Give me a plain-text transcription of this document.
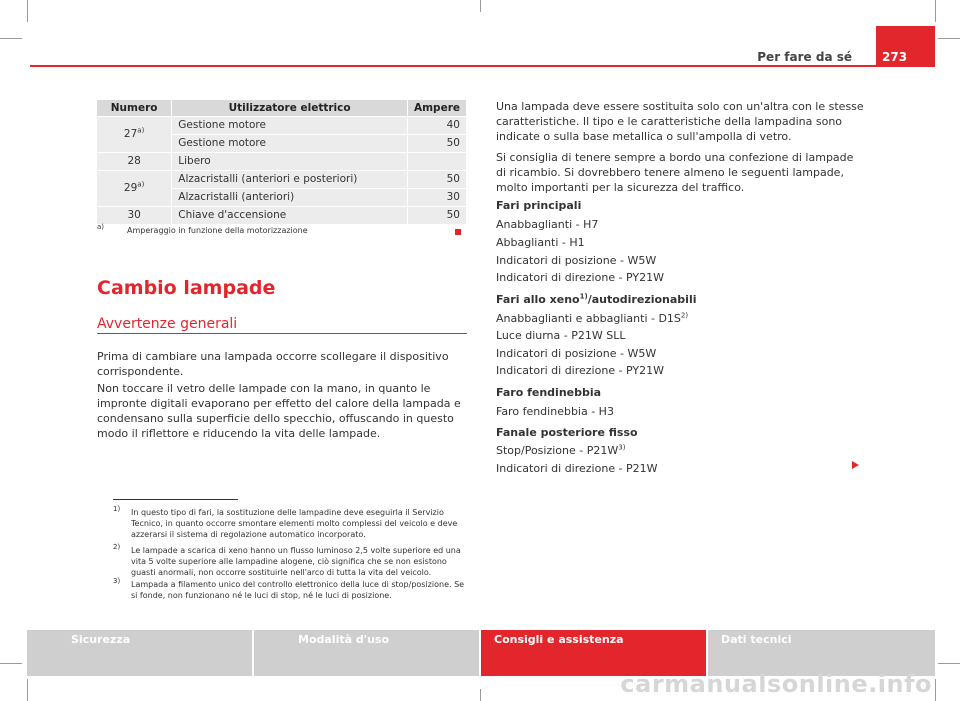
Per fare da sé	273
Numero	Utilizzatore elettrico	Ampere
27$^{a)}$	Gestione motore	40
	Gestione motore	50
28	Libero	
29$^{a)}$	Alzacristalli (anteriori e posteriori)	50
	Alzacristalli (anteriori)	30
30	Chiave d'accensione	50
a)	Amperaggio in funzione della motorizzazione
Cambio lampade
Avvertenze generali

Prima di cambiare una lampada occorre scollegare il dispositivo corrispondente.

Non toccare il vetro delle lampade con la mano, in quanto le impronte digitali evaporano per effetto del calore della lampada e condensano sulla superficie dello specchio, offuscando in questo modo il riflettore e riducendo la vita delle lampade.

Una lampada deve essere sostituita solo con un'altra con le stesse caratteristiche. Il tipo e le caratteristiche della lampadina sono indicate o sulla base metallica o sull'ampolla di vetro.

Si consiglia di tenere sempre a bordo una confezione di lampade di ricambio. Si dovrebbero tenere almeno le seguenti lampade, molto importanti per la sicurezza del traffico.

Fari principali
Anabbaglianti - H7
Abbaglianti - H1
Indicatori di posizione - W5W
Indicatori di direzione - PY21W
Fari allo xeno$^{1)}$/autodirezionabili
Anabbaglianti e abbaglianti - $D1S^{2)}$
Luce diurna - P21W SLL
Indicatori di posizione - W5W
Indicatori di direzione - PY21W
Faro fendinebbia
Faro fendinebbia - H3
Fanale posteriore fisso
Stop/Posizione - $P21W^{3)}$
Indicatori di direzione - P21W
1) In questo tipo di fari, la sostituzione delle lampadine deve eseguirla il Servizio Tecnico, in quanto occorre smontare elementi molto complessi del veicolo e deve azzerarsi il sistema di regolazione automatico incorporato.
2) Le lampade a scarica di xeno hanno un flusso luminoso 2,5 volte superiore ed una vita 5 volte superiore alle lampadine alogene, ciò significa che se non esistono guasti anormali, non occorre sostituirle nell'arco di tutta la vita del veicolo.
3) Lampada a filamento unico del controllo elettronico della luce di stop/posizione. Se si fonde, non funzionano né le luci di stop, né le luci di posizione.
Sicurezza	Modalità d'uso	Consigli e assistenza	Dati tecnici
carmanualsonline.info
